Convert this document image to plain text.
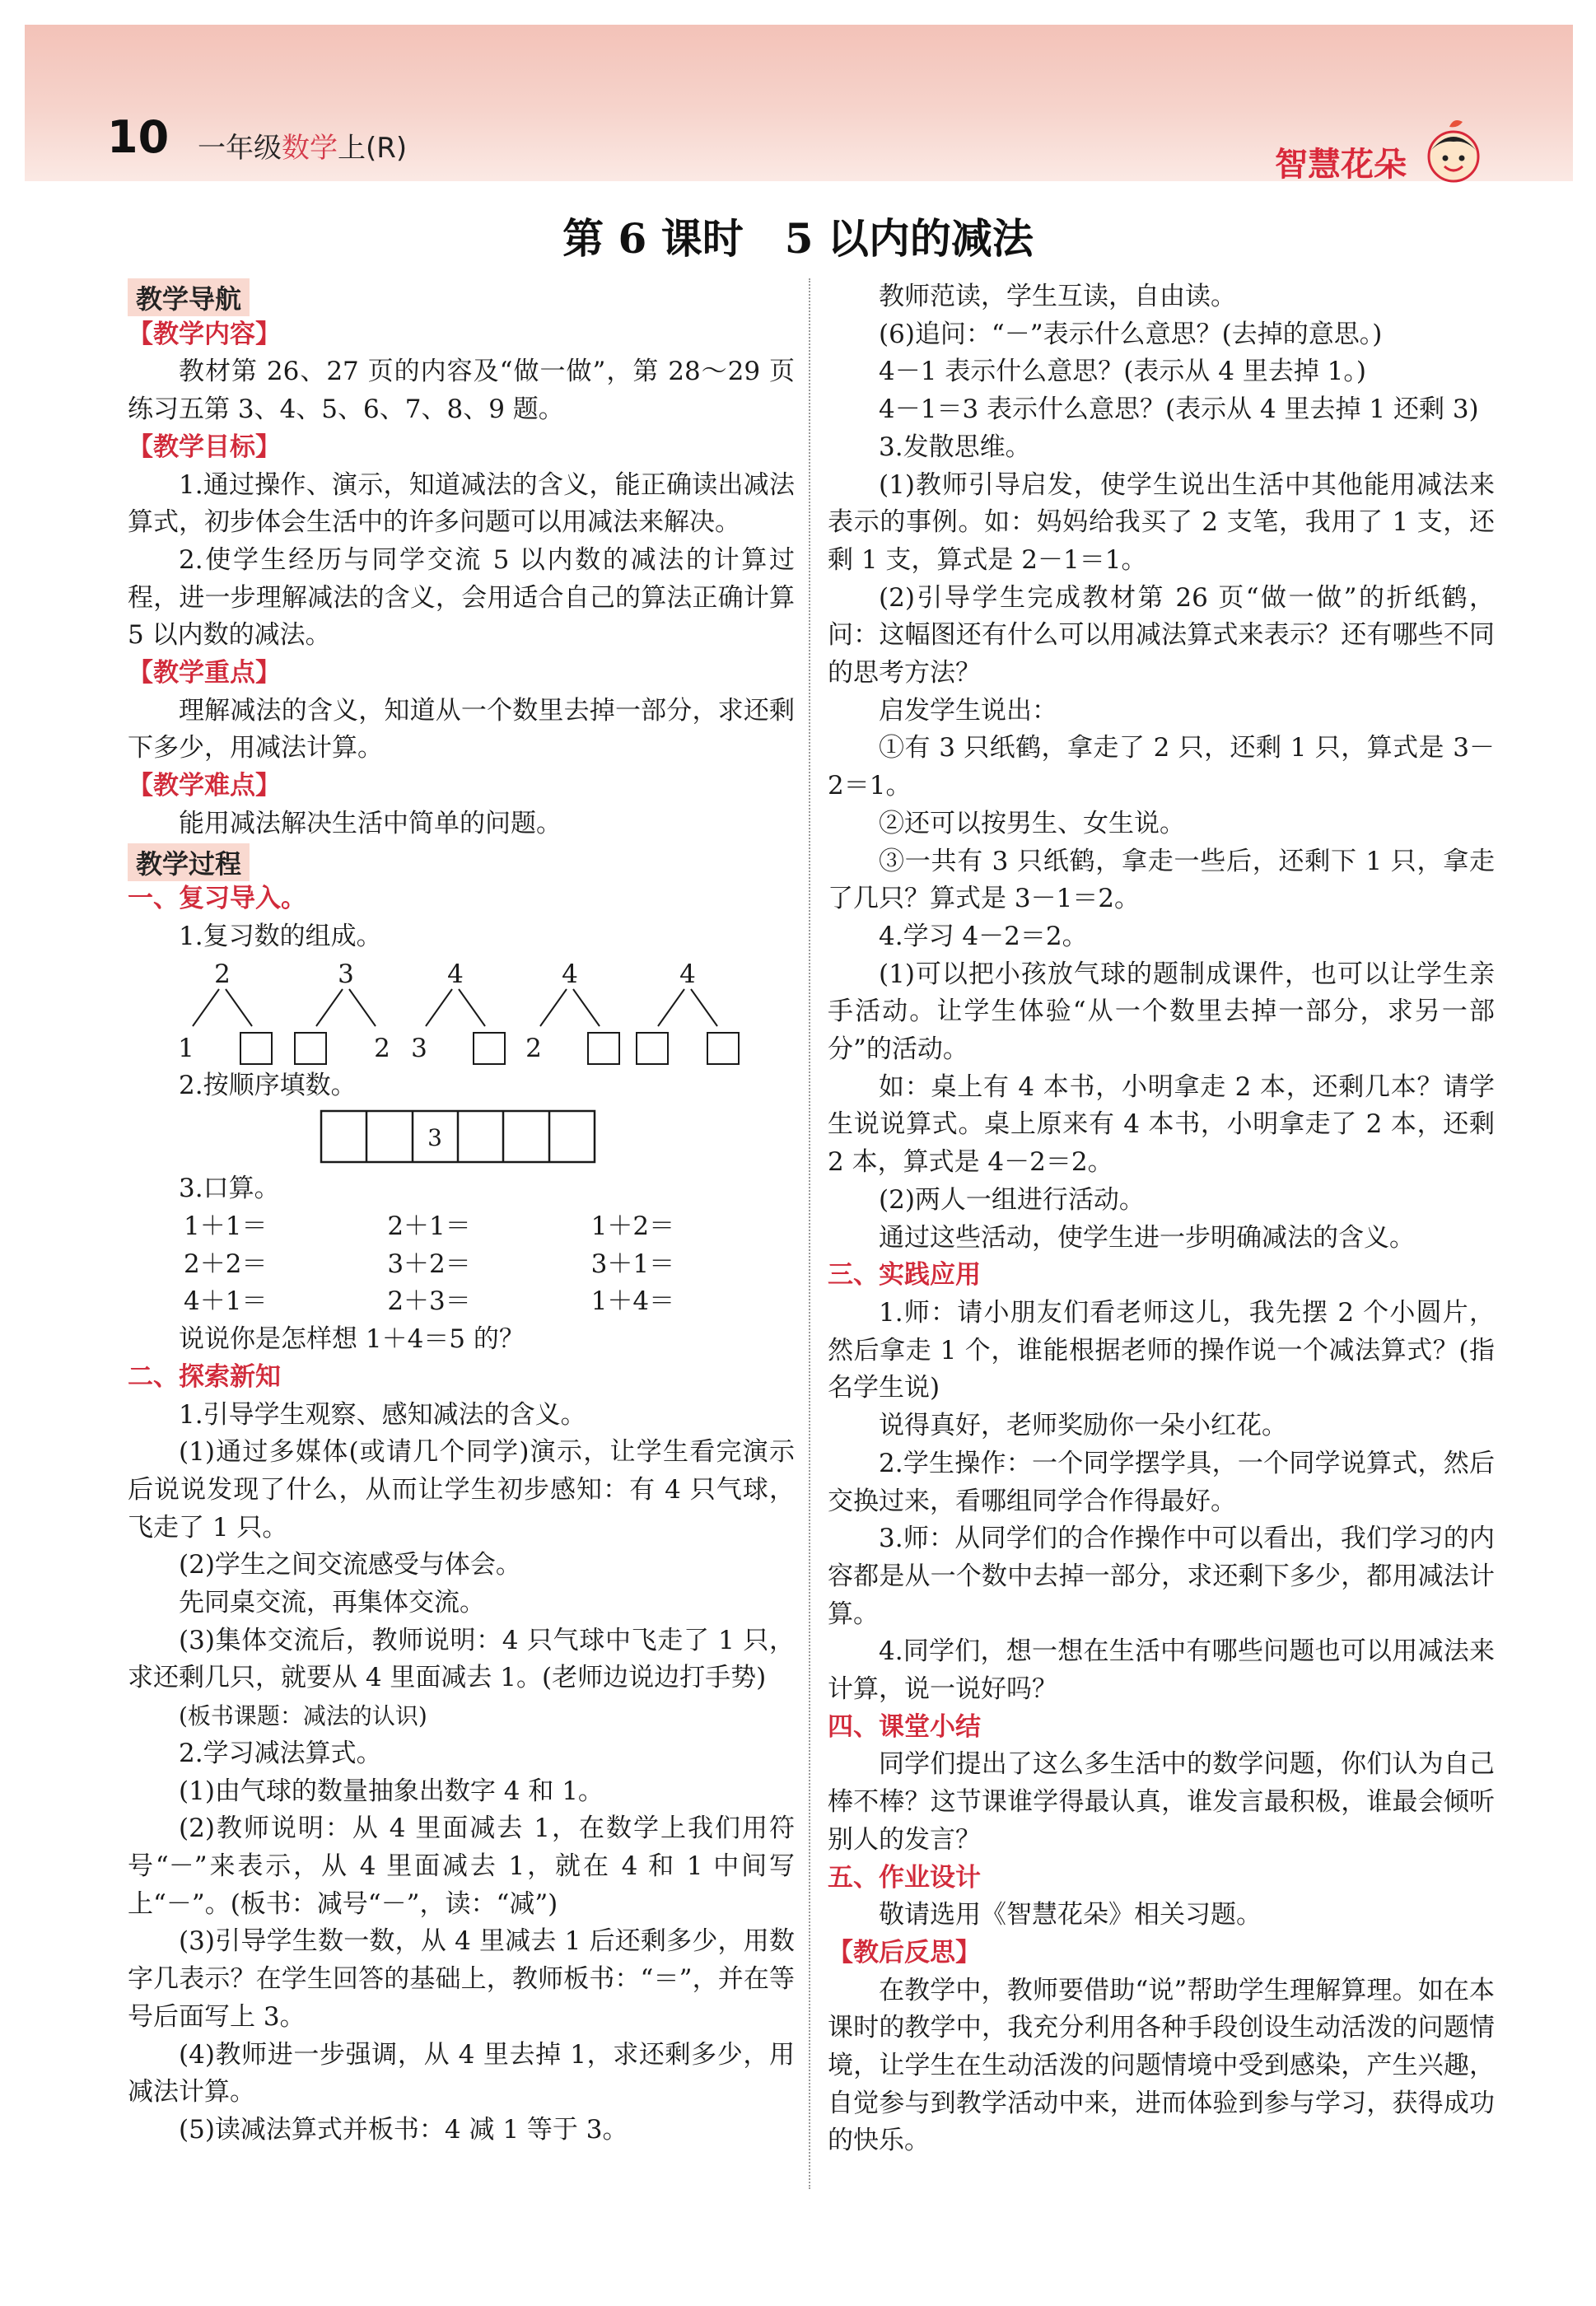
10 一年级数学上(R)	智慧花朵
第 6 课时　5 以内的减法
教学导航
【教学内容】

教材第 26、27 页的内容及“做一做”，第 28～29 页练习五第 3、4、5、6、7、8、9 题。

【教学目标】

1.通过操作、演示，知道减法的含义，能正确读出减法算式，初步体会生活中的许多问题可以用减法来解决。

2.使学生经历与同学交流 5 以内数的减法的计算过程，进一步理解减法的含义，会用适合自己的算法正确计算 5 以内数的减法。

【教学重点】

理解减法的含义，知道从一个数里去掉一部分，求还剩下多少，用减法计算。

【教学难点】

能用减法解决生活中简单的问题。

教学过程
一、复习导入。

1.复习数的组成。

2
1
3
2
4
3
4
2
4

2.按顺序填数。

3

3.口算。

1＋1＝	2＋1＝	1＋2＝
2＋2＝	3＋2＝	3＋1＝
4＋1＝	2＋3＝	1＋4＝

说说你是怎样想 1＋4＝5 的？

二、探索新知

1.引导学生观察、感知减法的含义。

(1)通过多媒体(或请几个同学)演示，让学生看完演示后说说发现了什么，从而让学生初步感知：有 4 只气球，飞走了 1 只。

(2)学生之间交流感受与体会。

先同桌交流，再集体交流。

(3)集体交流后，教师说明：4 只气球中飞走了 1 只，求还剩几只，就要从 4 里面减去 1。(老师边说边打手势)

(板书课题：减法的认识)

2.学习减法算式。

(1)由气球的数量抽象出数字 4 和 1。

(2)教师说明：从 4 里面减去 1，在数学上我们用符号“－”来表示，从 4 里面减去 1，就在 4 和 1 中间写上“－”。(板书：减号“－”，读：“减”)

(3)引导学生数一数，从 4 里减去 1 后还剩多少，用数字几表示？在学生回答的基础上，教师板书：“＝”，并在等号后面写上 3。

(4)教师进一步强调，从 4 里去掉 1，求还剩多少，用减法计算。

(5)读减法算式并板书：4 减 1 等于 3。

教师范读，学生互读，自由读。

(6)追问：“－”表示什么意思？(去掉的意思。)

4－1 表示什么意思？(表示从 4 里去掉 1。)

4－1＝3 表示什么意思？(表示从 4 里去掉 1 还剩 3)

3.发散思维。

(1)教师引导启发，使学生说出生活中其他能用减法来表示的事例。如：妈妈给我买了 2 支笔，我用了 1 支，还剩 1 支，算式是 2－1＝1。

(2)引导学生完成教材第 26 页“做一做”的折纸鹤，问：这幅图还有什么可以用减法算式来表示？还有哪些不同的思考方法？

启发学生说出：

①有 3 只纸鹤，拿走了 2 只，还剩 1 只，算式是 3－2＝1。

②还可以按男生、女生说。

③一共有 3 只纸鹤，拿走一些后，还剩下 1 只，拿走了几只？算式是 3－1＝2。

4.学习 4－2＝2。

(1)可以把小孩放气球的题制成课件，也可以让学生亲手活动。让学生体验“从一个数里去掉一部分，求另一部分”的活动。

如：桌上有 4 本书，小明拿走 2 本，还剩几本？请学生说说算式。桌上原来有 4 本书，小明拿走了 2 本，还剩 2 本，算式是 4－2＝2。

(2)两人一组进行活动。

通过这些活动，使学生进一步明确减法的含义。

三、实践应用

1.师：请小朋友们看老师这儿，我先摆 2 个小圆片，然后拿走 1 个，谁能根据老师的操作说一个减法算式？(指名学生说)

说得真好，老师奖励你一朵小红花。

2.学生操作：一个同学摆学具，一个同学说算式，然后交换过来，看哪组同学合作得最好。

3.师：从同学们的合作操作中可以看出，我们学习的内容都是从一个数中去掉一部分，求还剩下多少，都用减法计算。

4.同学们，想一想在生活中有哪些问题也可以用减法来计算，说一说好吗？

四、课堂小结

同学们提出了这么多生活中的数学问题，你们认为自己棒不棒？这节课谁学得最认真，谁发言最积极，谁最会倾听别人的发言？

五、作业设计

敬请选用《智慧花朵》相关习题。

【教后反思】

在教学中，教师要借助“说”帮助学生理解算理。如在本课时的教学中，我充分利用各种手段创设生动活泼的问题情境，让学生在生动活泼的问题情境中受到感染，产生兴趣，自觉参与到教学活动中来，进而体验到参与学习，获得成功的快乐。
